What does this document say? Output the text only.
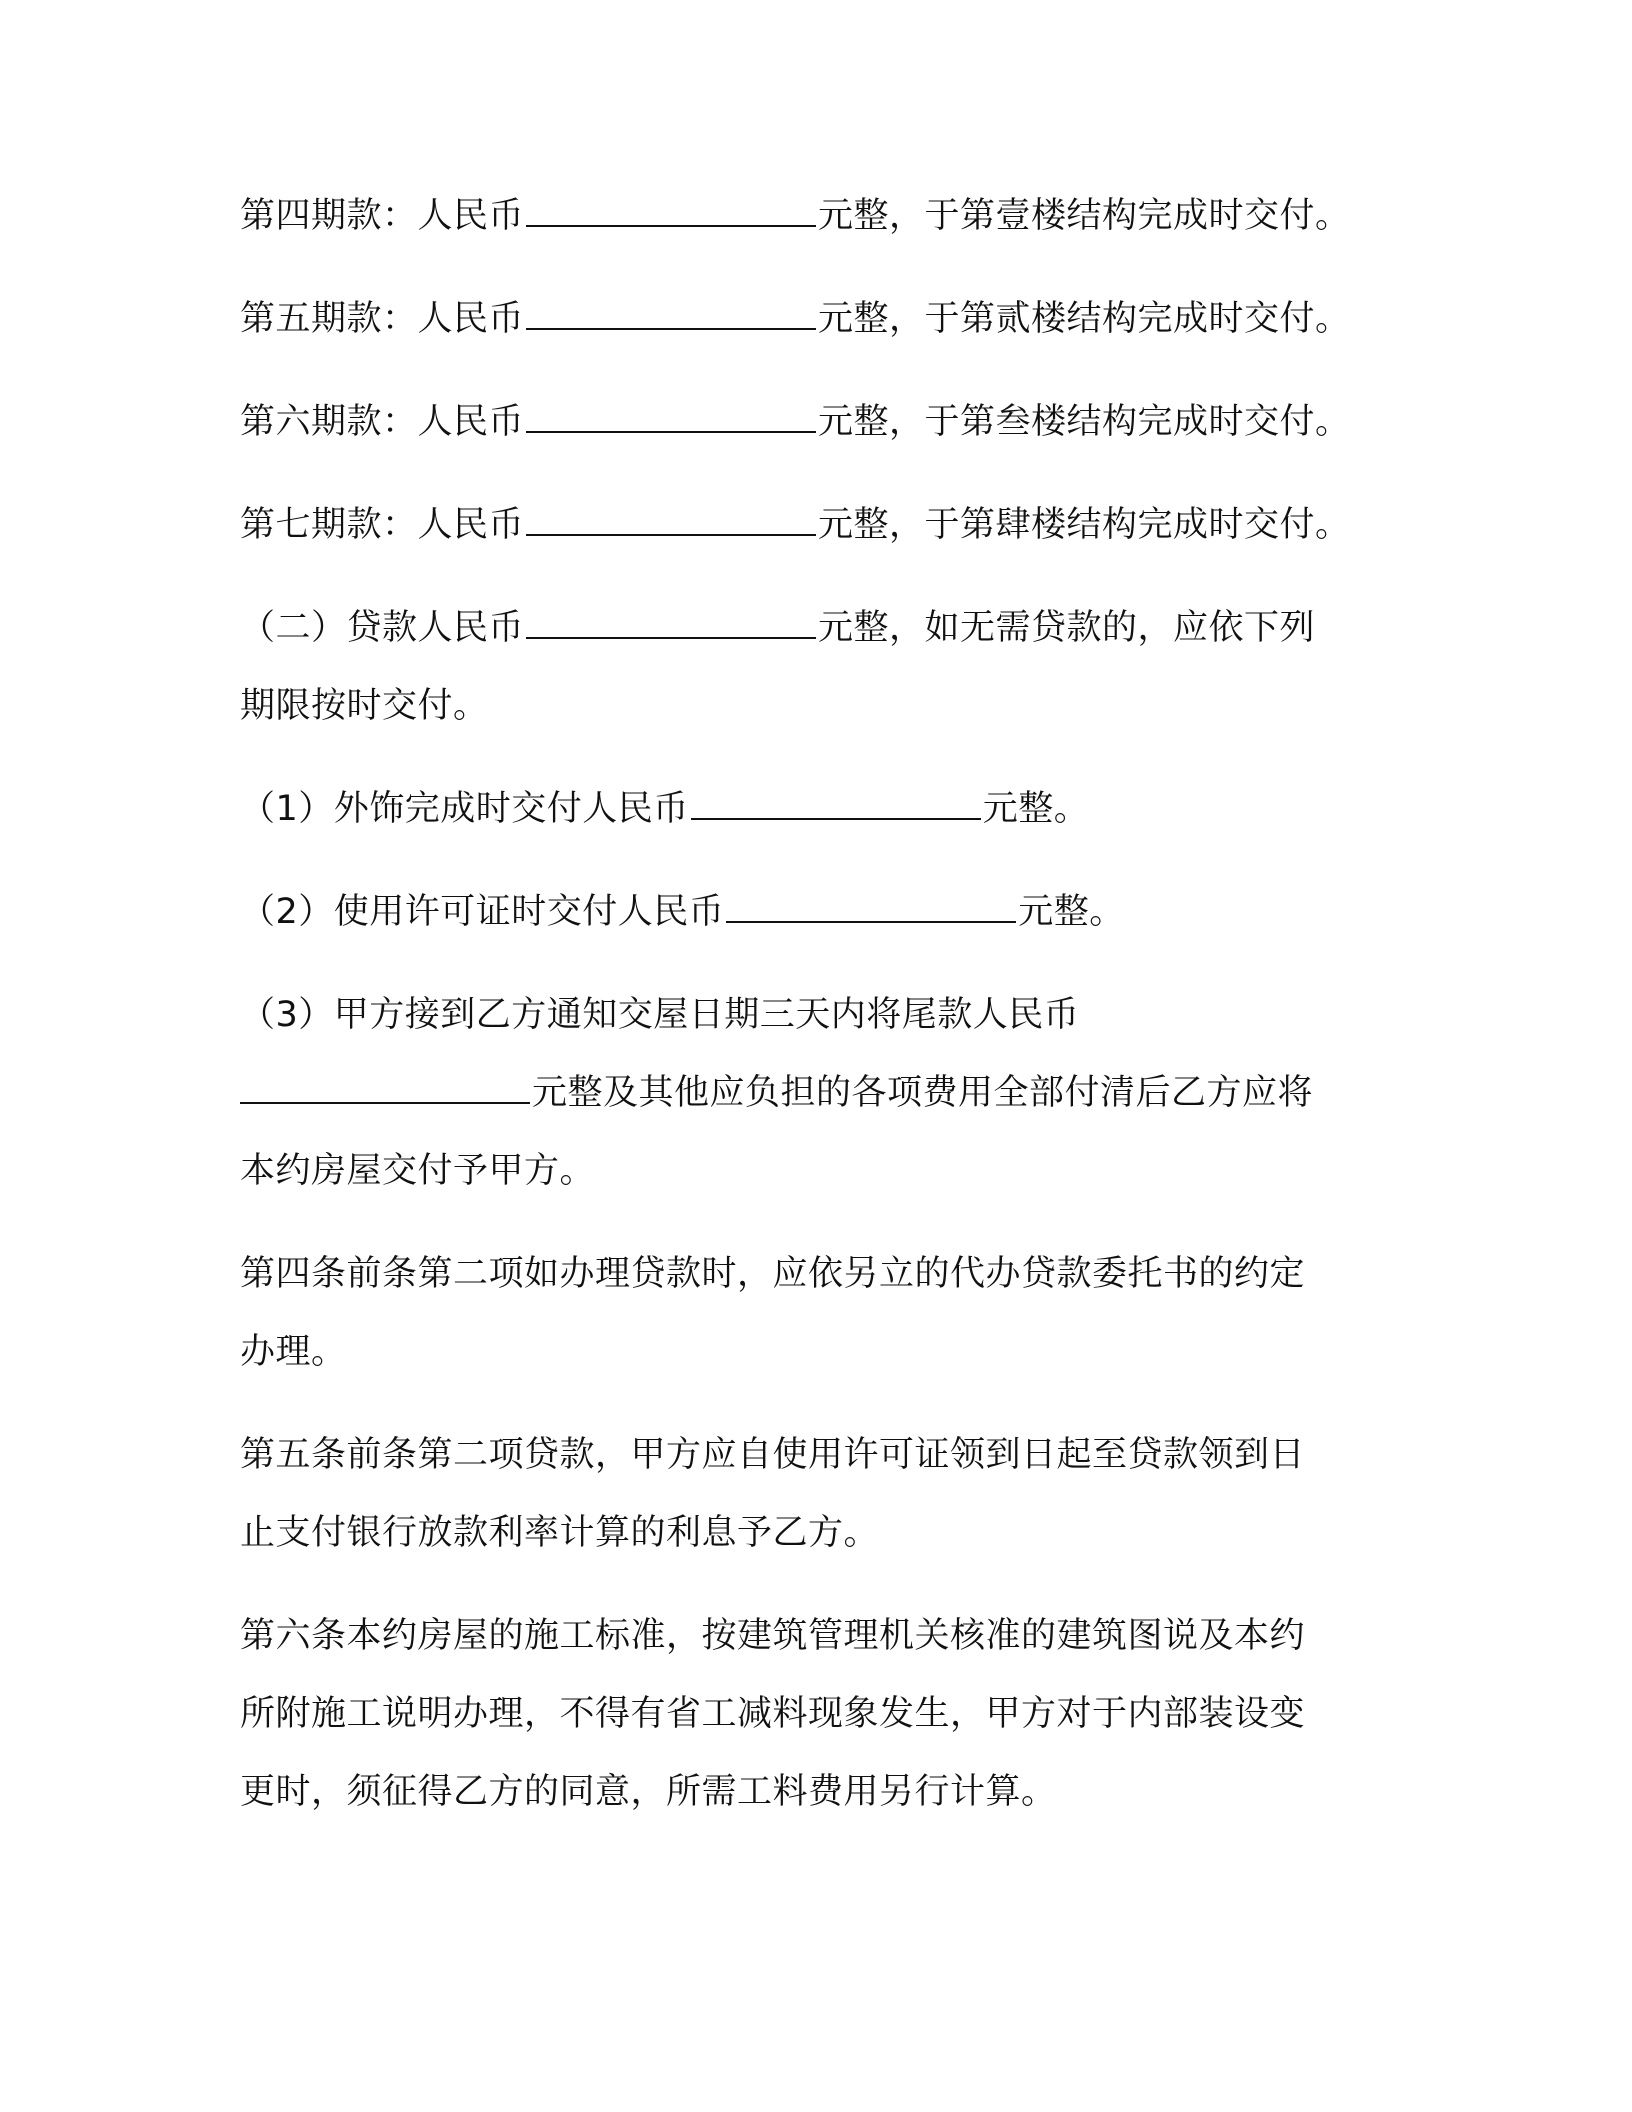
第四期款：人民币	元整，于第壹楼结构完成时交付。
第五期款：人民币	元整，于第贰楼结构完成时交付。
第六期款：人民币	元整，于第叁楼结构完成时交付。
第七期款：人民币	元整，于第肆楼结构完成时交付。
（二）贷款人民币	元整，如无需贷款的，应依下列
期限按时交付。
（1）外饰完成时交付人民币	元整。
（2）使用许可证时交付人民币	元整。
（3）甲方接到乙方通知交屋日期三天内将尾款人民币
元整及其他应负担的各项费用全部付清后乙方应将
本约房屋交付予甲方。
第四条前条第二项如办理贷款时，应依另立的代办贷款委托书的约定
办理。
第五条前条第二项贷款，甲方应自使用许可证领到日起至贷款领到日
止支付银行放款利率计算的利息予乙方。
第六条本约房屋的施工标准，按建筑管理机关核准的建筑图说及本约
所附施工说明办理，不得有省工减料现象发生，甲方对于内部装设变
更时，须征得乙方的同意，所需工料费用另行计算。
